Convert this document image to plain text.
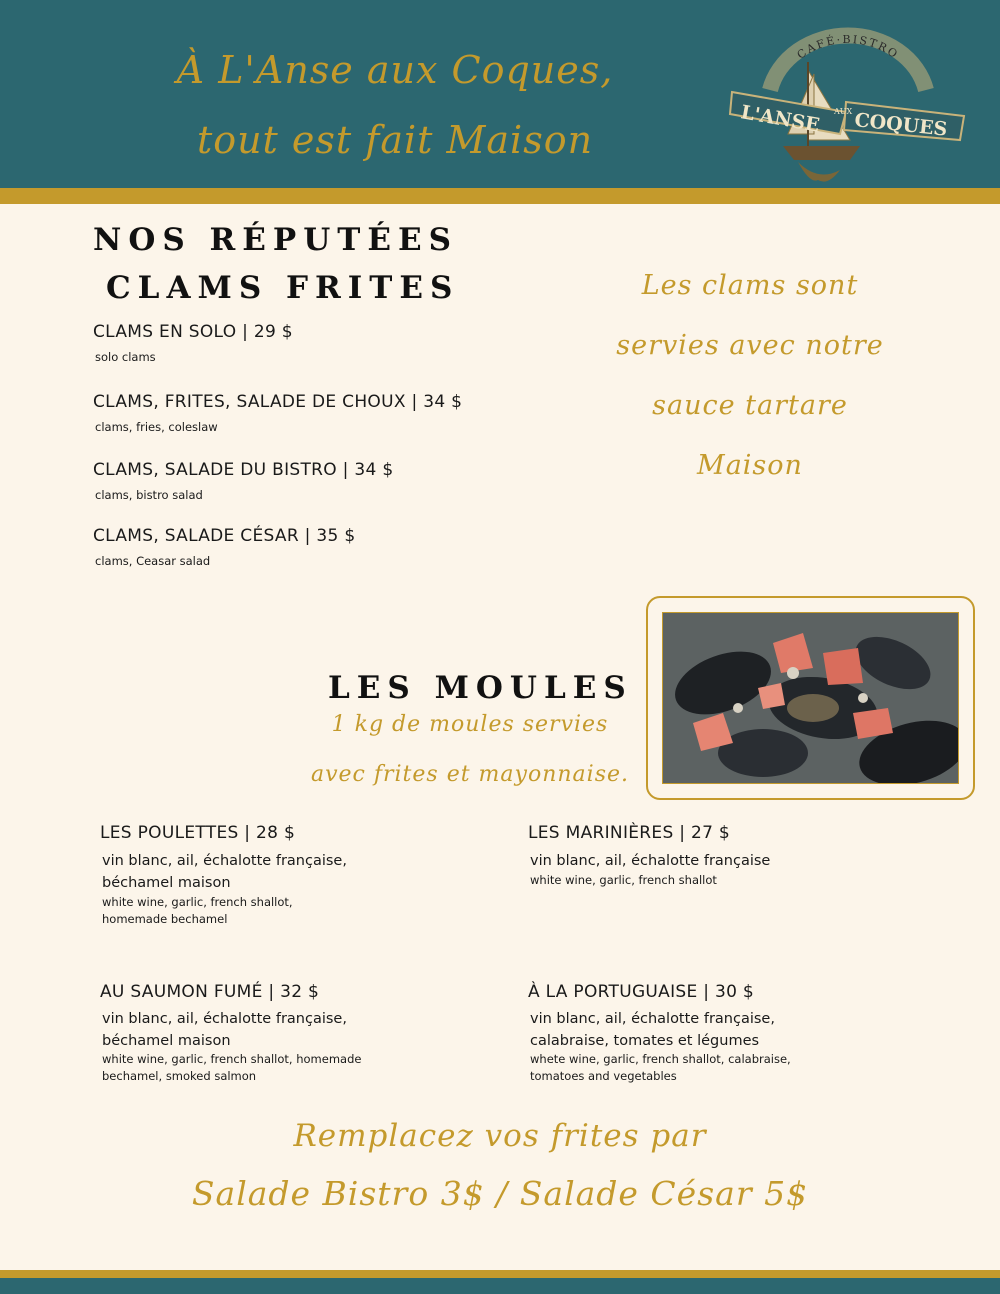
À L'Anse aux Coques,
tout est fait Maison
CAFÉ·BISTRO
L'ANSE AUX COQUES
NOS RÉPUTÉES
CLAMS FRITES
CLAMS EN SOLO | 29 $
solo clams
CLAMS, FRITES, SALADE DE CHOUX | 34 $
clams, fries, coleslaw
CLAMS, SALADE DU BISTRO | 34 $
clams, bistro salad
CLAMS, SALADE CÉSAR | 35 $
clams, Ceasar salad
Les clams sont
servies avec notre
sauce tartare
Maison
LES MOULES
1 kg de moules servies
avec frites et mayonnaise.
LES POULETTES | 28 $
vin blanc, ail, échalotte française,
béchamel maison
white wine, garlic, french shallot,
homemade bechamel
LES MARINIÈRES | 27 $
vin blanc, ail, échalotte française
white wine, garlic, french shallot
AU SAUMON FUMÉ | 32 $
vin blanc, ail, échalotte française,
béchamel maison
white wine, garlic, french shallot, homemade
bechamel, smoked salmon
À LA PORTUGUAISE | 30 $
vin blanc, ail, échalotte française,
calabraise, tomates et légumes
whete wine, garlic, french shallot, calabraise,
tomatoes and vegetables
Remplacez vos frites par
Salade Bistro 3$ / Salade César 5$
